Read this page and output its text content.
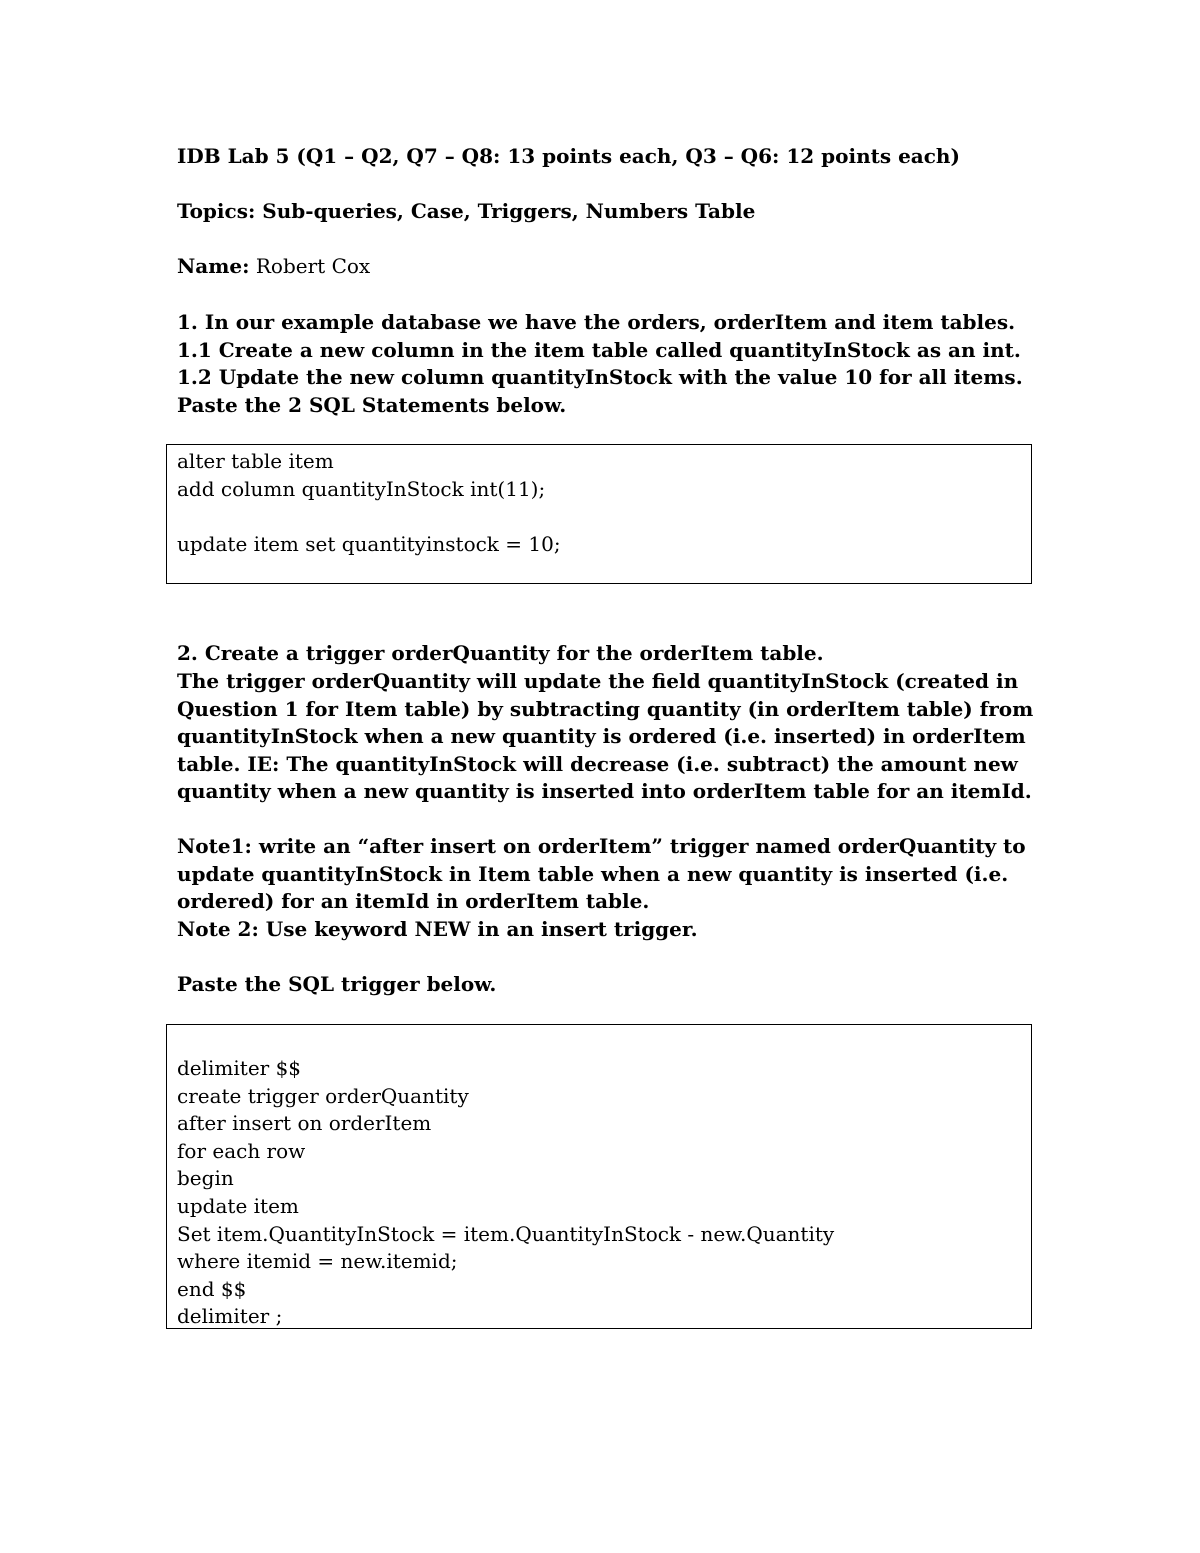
IDB Lab 5 (Q1 – Q2, Q7 – Q8: 13 points each, Q3 – Q6: 12 points each)
Topics: Sub-queries, Case, Triggers, Numbers Table
Name: Robert Cox
1. In our example database we have the orders, orderItem and item tables.
1.1 Create a new column in the item table called quantityInStock as an int.
1.2 Update the new column quantityInStock with the value 10 for all items.
Paste the 2 SQL Statements below.
alter table item
add column quantityInStock int(11);
update item set quantityinstock = 10;
2. Create a trigger orderQuantity for the orderItem table.
The trigger orderQuantity will update the field quantityInStock (created in
Question 1 for Item table) by subtracting quantity (in orderItem table) from
quantityInStock when a new quantity is ordered (i.e. inserted) in orderItem
table. IE: The quantityInStock will decrease (i.e. subtract) the amount new
quantity when a new quantity is inserted into orderItem table for an itemId.
Note1: write an “after insert on orderItem” trigger named orderQuantity to
update quantityInStock in Item table when a new quantity is inserted (i.e.
ordered) for an itemId in orderItem table.
Note 2: Use keyword NEW in an insert trigger.
Paste the SQL trigger below.
delimiter $$
create trigger orderQuantity
after insert on orderItem
for each row
begin
update item
Set item.QuantityInStock = item.QuantityInStock - new.Quantity
where itemid = new.itemid;
end $$
delimiter ;
